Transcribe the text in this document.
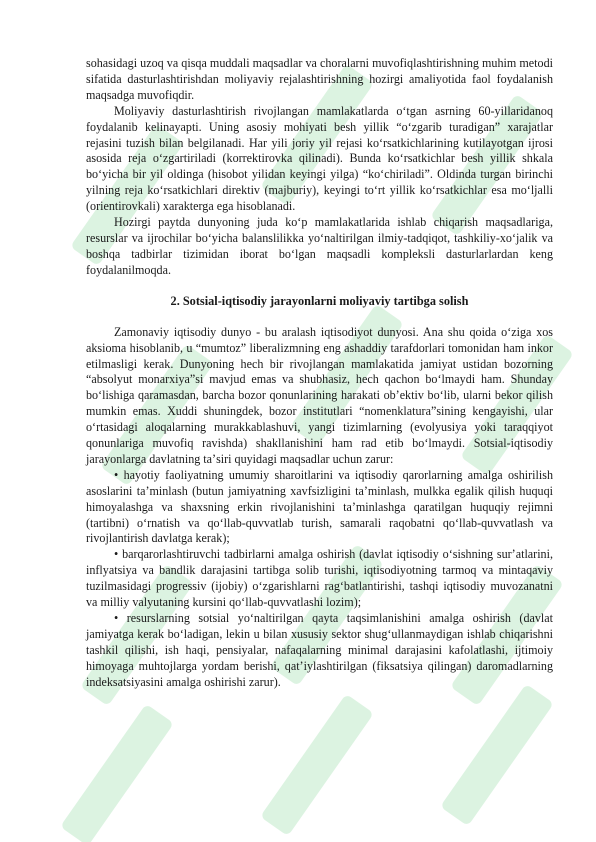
sohasidagi uzoq va qisqa muddali maqsadlar va choralarni muvofiqlashtirishning muhim metodi sifatida dasturlashtirishdan moliyaviy rejalashtirishning hozirgi amaliyotida faol foydalanish maqsadga muvofiqdir.

Moliyaviy dasturlashtirish rivojlangan mamlakatlarda oʻtgan asrning 60-yillaridanoq foydalanib kelinayapti. Uning asosiy mohiyati besh yillik “oʻzgarib turadigan” xarajatlar rejasini tuzish bilan belgilanadi. Har yili joriy yil rejasi koʻrsatkichlarining kutilayotgan ijrosi asosida reja oʻzgartiriladi (korrektirovka qilinadi). Bunda koʻrsatkichlar besh yillik shkala boʻyicha bir yil oldinga (hisobot yilidan keyingi yilga) “koʻchiriladi”. Oldinda turgan birinchi yilning reja koʻrsatkichlari direktiv (majburiy), keyingi toʻrt yillik koʻrsatkichlar esa moʻljalli (orientirovkali) xarakterga ega hisoblanadi.

Hozirgi paytda dunyoning juda koʻp mamlakatlarida ishlab chiqarish maqsadlariga, resurslar va ijrochilar boʻyicha balanslilikka yoʻnaltirilgan ilmiy-tadqiqot, tashkiliy-xoʻjalik va boshqa tadbirlar tizimidan iborat boʻlgan maqsadli kompleksli dasturlarlardan keng foydalanilmoqda.

2. Sotsial-iqtisodiy jarayonlarni moliyaviy tartibga solish

Zamonaviy iqtisodiy dunyo - bu aralash iqtisodiyot dunyosi. Ana shu qoida oʻziga xos aksioma hisoblanib, u “mumtoz” liberalizmning eng ashaddiy tarafdorlari tomonidan ham inkor etilmasligi kerak. Dunyoning hech bir rivojlangan mamlakatida jamiyat ustidan bozorning “absolyut monarxiya”si mavjud emas va shubhasiz, hech qachon boʻlmaydi ham. Shunday boʻlishiga qaramasdan, barcha bozor qonunlarining harakati obʼektiv boʻlib, ularni bekor qilish mumkin emas. Xuddi shuningdek, bozor institutlari “nomenklatura”sining kengayishi, ular oʻrtasidagi aloqalarning murakkablashuvi, yangi tizimlarning (evolyusiya yoki taraqqiyot qonunlariga muvofiq ravishda) shakllanishini ham rad etib boʻlmaydi. Sotsial-iqtisodiy jarayonlarga davlatning taʼsiri quyidagi maqsadlar uchun zarur:

• hayotiy faoliyatning umumiy sharoitlarini va iqtisodiy qarorlarning amalga oshirilish asoslarini taʼminlash (butun jamiyatning xavfsizligini taʼminlash, mulkka egalik qilish huquqi himoyalashga va shaxsning erkin rivojlanishini taʼminlashga qaratilgan huquqiy rejimni (tartibni) oʻrnatish va qoʻllab-quvvatlab turish, samarali raqobatni qoʻllab-quvvatlash va rivojlantirish davlatga kerak);

• barqarorlashtiruvchi tadbirlarni amalga oshirish (davlat iqtisodiy oʻsishning surʼatlarini, inflyatsiya va bandlik darajasini tartibga solib turishi, iqtisodiyotning tarmoq va mintaqaviy tuzilmasidagi progressiv (ijobiy) oʻzgarishlarni ragʻbatlantirishi, tashqi iqtisodiy muvozanatni va milliy valyutaning kursini qoʻllab-quvvatlashi lozim);

• resurslarning sotsial yoʻnaltirilgan qayta taqsimlanishini amalga oshirish (davlat jamiyatga kerak boʻladigan, lekin u bilan xususiy sektor shugʻullanmaydigan ishlab chiqarishni tashkil qilishi, ish haqi, pensiyalar, nafaqalarning minimal darajasini kafolatlashi, ijtimoiy himoyaga muhtojlarga yordam berishi, qatʼiylashtirilgan (fiksatsiya qilingan) daromadlarning indeksatsiyasini amalga oshirishi zarur).
